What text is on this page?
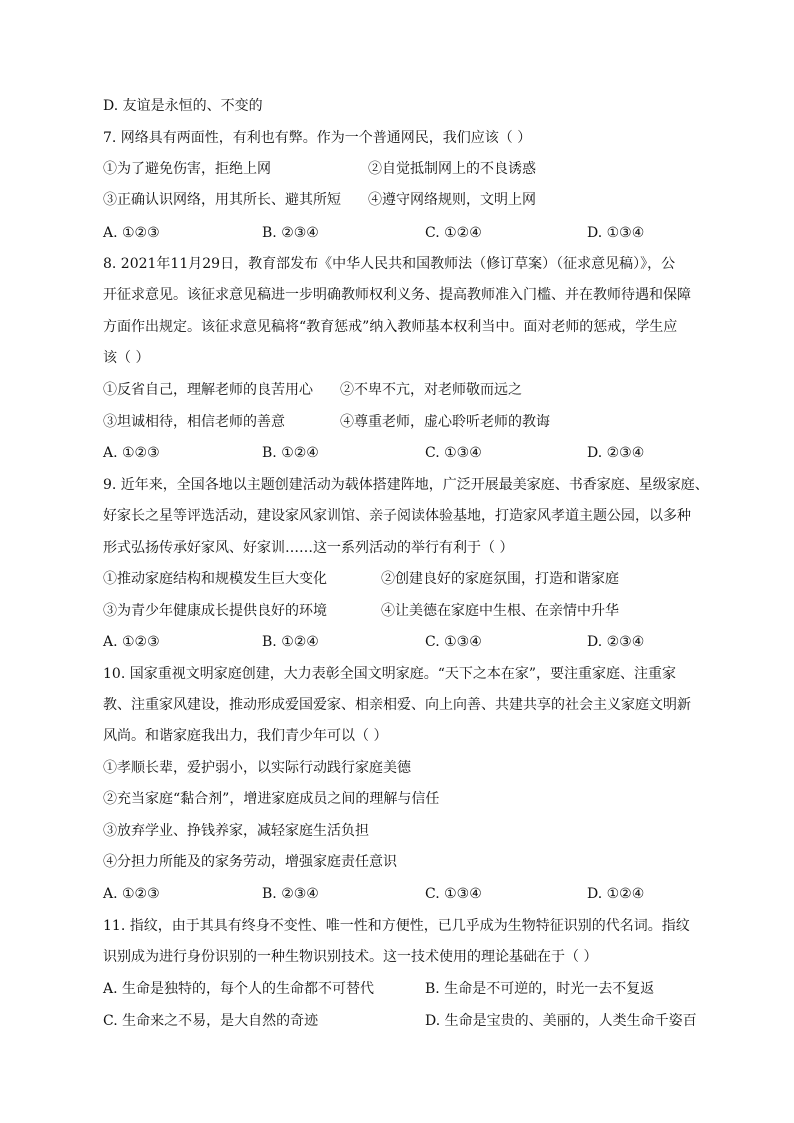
D. 友谊是永恒的、不变的
7. 网络具有两面性，有利也有弊。作为一个普通网民，我们应该（ ）
①为了避免伤害，拒绝上网	②自觉抵制网上的不良诱惑
③正确认识网络，用其所长、避其所短 ④遵守网络规则，文明上网
A. ①②③	B. ②③④	C. ①②④	D. ①③④
8. 2021年11月29日，教育部发布《中华人民共和国教师法（修订草案）（征求意见稿）》，公
开征求意见。该征求意见稿进一步明确教师权利义务、提高教师准入门槛、并在教师待遇和保障
方面作出规定。该征求意见稿将“教育惩戒”纳入教师基本权利当中。面对老师的惩戒，学生应
该（ ）
①反省自己，理解老师的良苦用心 ②不卑不亢，对老师敬而远之
③坦诚相待，相信老师的善意	④尊重老师，虚心聆听老师的教诲
A. ①②③	B. ①②④	C. ①③④	D. ②③④
9. 近年来，全国各地以主题创建活动为载体搭建阵地，广泛开展最美家庭、书香家庭、星级家庭、
好家长之星等评选活动，建设家风家训馆、亲子阅读体验基地，打造家风孝道主题公园，以多种
形式弘扬传承好家风、好家训……这一系列活动的举行有利于（ ）
①推动家庭结构和规模发生巨大变化	②创建良好的家庭氛围，打造和谐家庭
③为青少年健康成长提供良好的环境	④让美德在家庭中生根、在亲情中升华
A. ①②③	B. ①②④	C. ①③④	D. ②③④
10. 国家重视文明家庭创建，大力表彰全国文明家庭。“天下之本在家”，要注重家庭、注重家
教、注重家风建设，推动形成爱国爱家、相亲相爱、向上向善、共建共享的社会主义家庭文明新
风尚。和谐家庭我出力，我们青少年可以（ ）
①孝顺长辈，爱护弱小，以实际行动践行家庭美德
②充当家庭“黏合剂”，增进家庭成员之间的理解与信任
③放弃学业、挣钱养家，减轻家庭生活负担
④分担力所能及的家务劳动，增强家庭责任意识
A. ①②③	B. ②③④	C. ①③④	D. ①②④
11. 指纹，由于其具有终身不变性、唯一性和方便性，已几乎成为生物特征识别的代名词。指纹
识别成为进行身份识别的一种生物识别技术。这一技术使用的理论基础在于（ ）
A. 生命是独特的，每个人的生命都不可替代	B. 生命是不可逆的，时光一去不复返
C. 生命来之不易，是大自然的奇迹	D. 生命是宝贵的、美丽的，人类生命千姿百
